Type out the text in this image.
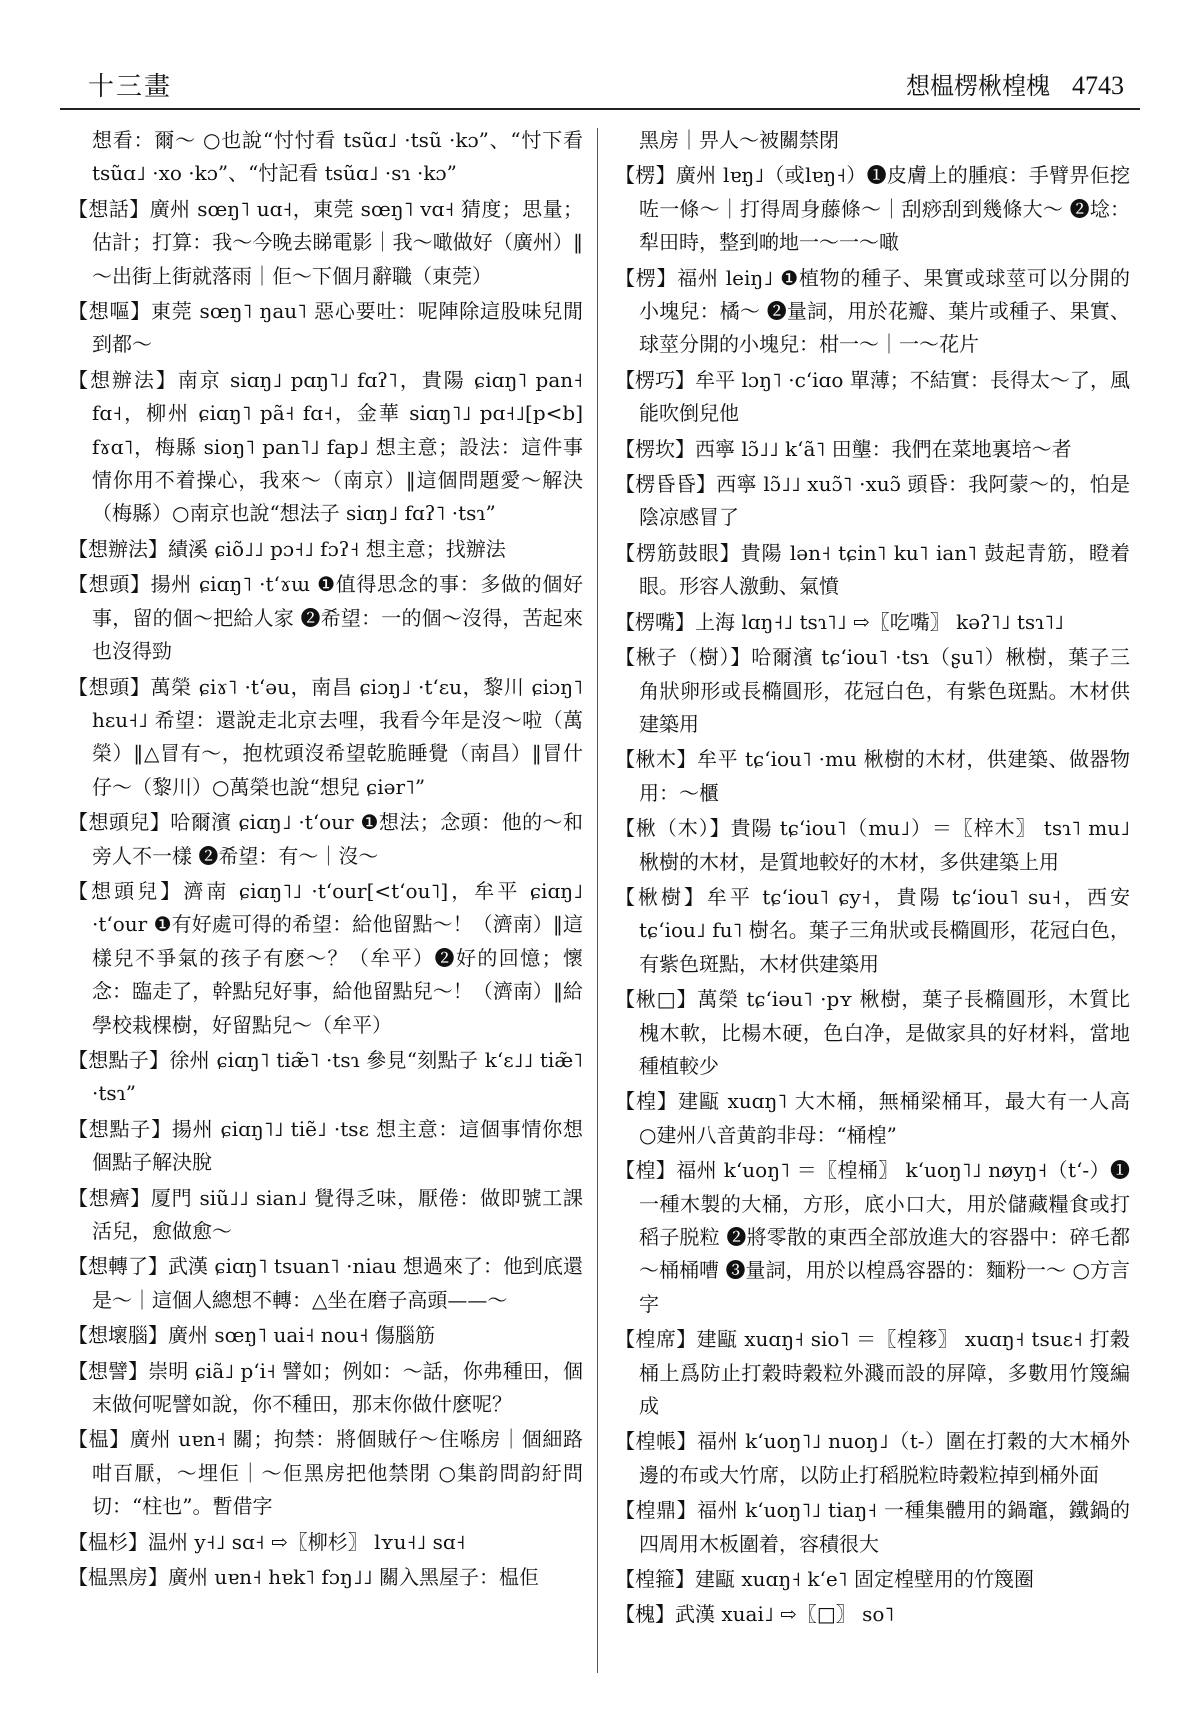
十三畫	想榅楞楸楻槐 4743

想看：爾～ ○也說“忖忖看 tsũɑ˩ ·tsũ ·kɔ”、“忖下看 tsũɑ˩ ·xo ·kɔ”、“忖記看 tsũɑ˩ ·sɿ ·kɔ”

【想話】廣州 sœŋ˥ uɑ˧，東莞 sœŋ˥ vɑ˧ 猜度；思量；估計；打算：我～今晚去睇電影｜我～噉做好（廣州）‖～出街上街就落雨｜佢～下個月辭職（東莞）

【想嘔】東莞 sœŋ˥ ŋau˥ 惡心要吐：呢陣除這股味兒閒到都～

【想辦法】南京 siɑŋ˩ pɑŋ˥˩ fɑʔ˥，貴陽 ɕiɑŋ˥ pan˧ fɑ˧，柳州 ɕiɑŋ˥ pã˧ fɑ˧，金華 siɑŋ˥˩ pɑ˧˩[p<b] fɤɑ˥，梅縣 sioŋ˥ pan˥˩ fap˩ 想主意；設法：這件事情你用不着操心，我來～（南京）‖這個問題愛～解決（梅縣）○南京也說“想法子 siɑŋ˩ fɑʔ˥ ·tsɿ”

【想辦法】績溪 ɕiõ˩˩ pɔ˧˩ fɔʔ˧ 想主意；找辦法

【想頭】揚州 ɕiɑŋ˥ ·tʻɤɯ ❶值得思念的事：多做的個好事，留的個～把給人家 ❷希望：一的個～沒得，苦起來也沒得勁

【想頭】萬榮 ɕiɤ˥ ·tʻəu，南昌 ɕiɔŋ˩ ·tʻɛu，黎川 ɕiɔŋ˥ hɛu˧˩ 希望：還說走北京去哩，我看今年是沒～啦（萬榮）‖△冒有～，抱枕頭沒希望乾脆睡覺（南昌）‖冒什仔～（黎川）○萬榮也說“想兒 ɕiər˥”

【想頭兒】哈爾濱 ɕiɑŋ˩ ·tʻour ❶想法；念頭：他的～和旁人不一樣 ❷希望：有～｜沒～

【想頭兒】濟南 ɕiɑŋ˥˩ ·tʻour[<tʻou˥]，牟平 ɕiɑŋ˩ ·tʻour ❶有好處可得的希望：給他留點～！（濟南）‖這樣兒不爭氣的孩子有麽～？（牟平）❷好的回憶；懷念：臨走了，幹點兒好事，給他留點兒～！（濟南）‖給學校栽棵樹，好留點兒～（牟平）

【想點子】徐州 ɕiɑŋ˥ tiæ̃˥ ·tsɿ 參見“刻點子 kʻɛ˩˩ tiæ̃˥ ·tsɿ”

【想點子】揚州 ɕiɑŋ˥˩ tiẽ˩ ·tsɛ 想主意：這個事情你想個點子解決脫

【想癠】厦門 siũ˩˩ sian˩ 覺得乏味，厭倦：做即號工課活兒，愈做愈～

【想轉了】武漢 ɕiɑŋ˥ tsuan˥ ·niau 想過來了：他到底還是～｜這個人總想不轉：△坐在磨子高頭——～

【想壞腦】廣州 sœŋ˥ uai˧ nou˧ 傷腦筋

【想譬】崇明 ɕiã˩ pʻi˧ 譬如；例如：～話，你弗種田，個末做何呢譬如說，你不種田，那末你做什麽呢？

【榅】廣州 uɐn˧ 關；拘禁：將個賊仔～住喺房｜個細路咁百厭，～埋佢｜～佢黑房把他禁閉 ○集韵問韵紆問切：“柱也”。暫借字

【榅杉】温州 y˧˩ sɑ˧ ⇨〖柳杉〗 lʏu˧˩ sɑ˧

【榅黑房】廣州 uɐn˧ hɐk˥ fɔŋ˩˩ 關入黑屋子：榅佢

黑房｜畀人～被關禁閉

【楞】廣州 lɐŋ˩（或lɐŋ˧）❶皮膚上的腫痕：手臂畀佢挖咗一條～｜打得周身藤條～｜刮痧刮到幾條大～ ❷埝：犁田時，整到啲地一～一～噉

【楞】福州 leiŋ˩ ❶植物的種子、果實或球莖可以分開的小塊兒：橘～ ❷量詞，用於花瓣、葉片或種子、果實、球莖分開的小塊兒：柑一～｜一～花片

【楞巧】牟平 lɔŋ˥ ·cʻiɑo 單薄；不結實：長得太～了，風能吹倒兒他

【楞坎】西寧 lɔ̃˩˩ kʻã˥ 田壟：我們在菜地裏培～者

【楞昏昏】西寧 lɔ̃˩˩ xuɔ̃˥ ·xuɔ̃ 頭昏：我阿蒙～的，怕是陰凉感冒了

【楞筋鼓眼】貴陽 lən˧ tɕin˥ ku˥ ian˥ 鼓起青筋，瞪着眼。形容人激動、氣憤

【楞嘴】上海 lɑŋ˧˩ tsɿ˥˩ ⇨〖吃嘴〗 kəʔ˥˩ tsɿ˥˩

【楸子（樹）】哈爾濱 tɕʻiou˥ ·tsɿ（ʂu˥）楸樹，葉子三角狀卵形或長橢圓形，花冠白色，有紫色斑點。木材供建築用

【楸木】牟平 tɕʻiou˥ ·mu 楸樹的木材，供建築、做器物用：～櫃

【楸（木）】貴陽 tɕʻiou˥（mu˩）＝〖梓木〗 tsɿ˥ mu˩ 楸樹的木材，是質地較好的木材，多供建築上用

【楸樹】牟平 tɕʻiou˥ ɕy˧，貴陽 tɕʻiou˥ su˧，西安 tɕʻiou˩ fu˥ 樹名。葉子三角狀或長橢圓形，花冠白色，有紫色斑點，木材供建築用

【楸□】萬榮 tɕʻiəu˥ ·pʏ 楸樹，葉子長橢圓形，木質比槐木軟，比楊木硬，色白净，是做家具的好材料，當地種植較少

【楻】建甌 xuɑŋ˥ 大木桶，無桶梁桶耳，最大有一人高 ○建州八音黄韵非母：“桶楻”

【楻】福州 kʻuoŋ˥ ＝〖楻桶〗 kʻuoŋ˥˩ nøyŋ˧（tʻ-）❶一種木製的大桶，方形，底小口大，用於儲藏糧食或打稻子脱粒 ❷將零散的東西全部放進大的容器中：碎乇都～桶桶嘈 ❸量詞，用於以楻爲容器的：麵粉一～ ○方言字

【楻席】建甌 xuɑŋ˧ sio˥ ＝〖楻簃〗 xuɑŋ˧ tsuɛ˧ 打穀桶上爲防止打穀時穀粒外濺而設的屏障，多數用竹篾編成

【楻帳】福州 kʻuoŋ˥˩ nuoŋ˩（t-）圍在打穀的大木桶外邊的布或大竹席，以防止打稻脱粒時穀粒掉到桶外面

【楻鼎】福州 kʻuoŋ˥˩ tiaŋ˧ 一種集體用的鍋竈，鐵鍋的四周用木板圍着，容積很大

【楻箍】建甌 xuɑŋ˧ kʻe˥ 固定楻壁用的竹篾圈

【槐】武漢 xuai˩ ⇨〖□〗 so˥
